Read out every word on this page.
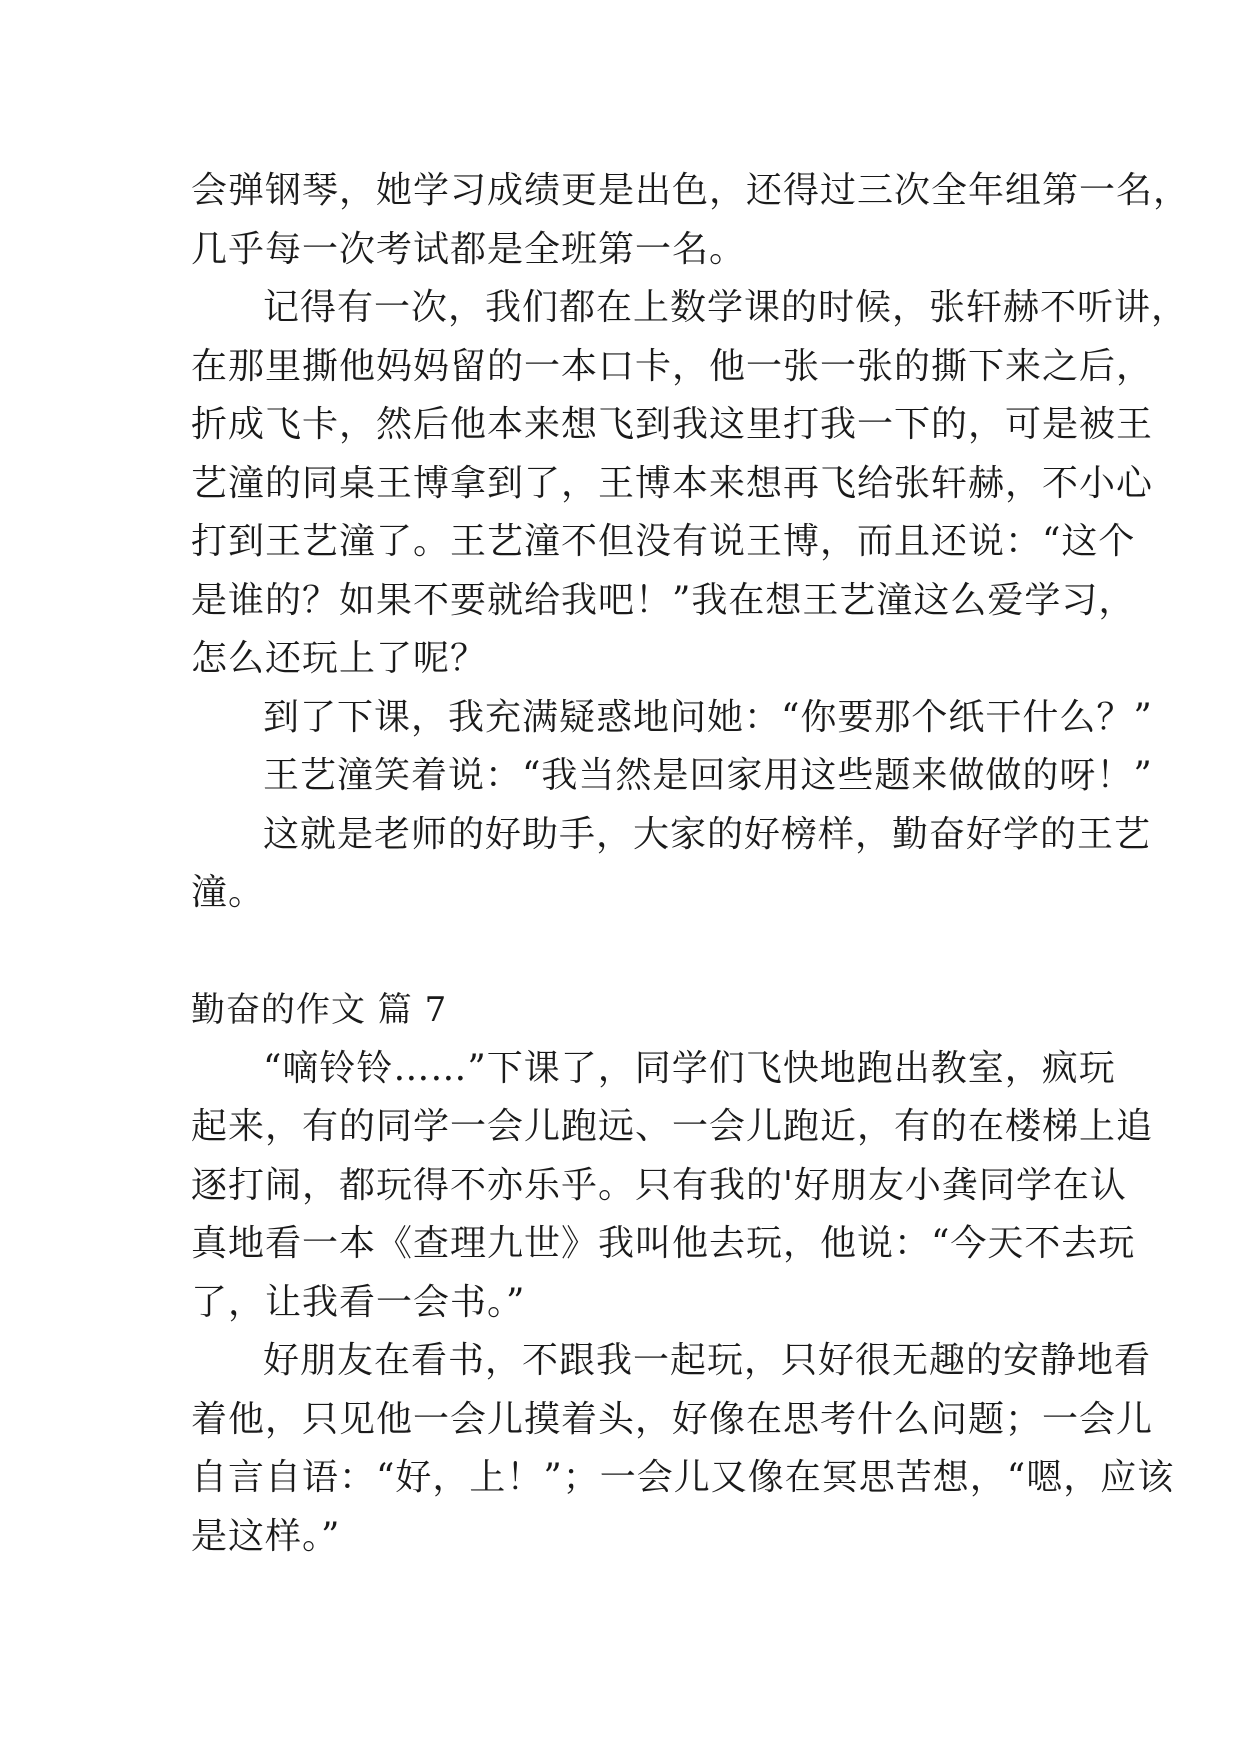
会弹钢琴，她学习成绩更是出色，还得过三次全年组第一名，
几乎每一次考试都是全班第一名。
记得有一次，我们都在上数学课的时候，张轩赫不听讲，
在那里撕他妈妈留的一本口卡，他一张一张的撕下来之后，
折成飞卡，然后他本来想飞到我这里打我一下的，可是被王
艺潼的同桌王博拿到了，王博本来想再飞给张轩赫，不小心
打到王艺潼了。王艺潼不但没有说王博，而且还说：“这个
是谁的？如果不要就给我吧！”我在想王艺潼这么爱学习，
怎么还玩上了呢？
到了下课，我充满疑惑地问她：“你要那个纸干什么？”
王艺潼笑着说：“我当然是回家用这些题来做做的呀！”
这就是老师的好助手，大家的好榜样，勤奋好学的王艺
潼。
勤奋的作文 篇 7
“嘀铃铃……”下课了，同学们飞快地跑出教室，疯玩
起来，有的同学一会儿跑远、一会儿跑近，有的在楼梯上追
逐打闹，都玩得不亦乐乎。只有我的'好朋友小龚同学在认
真地看一本《查理九世》我叫他去玩，他说：“今天不去玩
了，让我看一会书。”
好朋友在看书，不跟我一起玩，只好很无趣的安静地看
着他，只见他一会儿摸着头，好像在思考什么问题；一会儿
自言自语：“好，上！”；一会儿又像在冥思苦想，“嗯，应该
是这样。”
